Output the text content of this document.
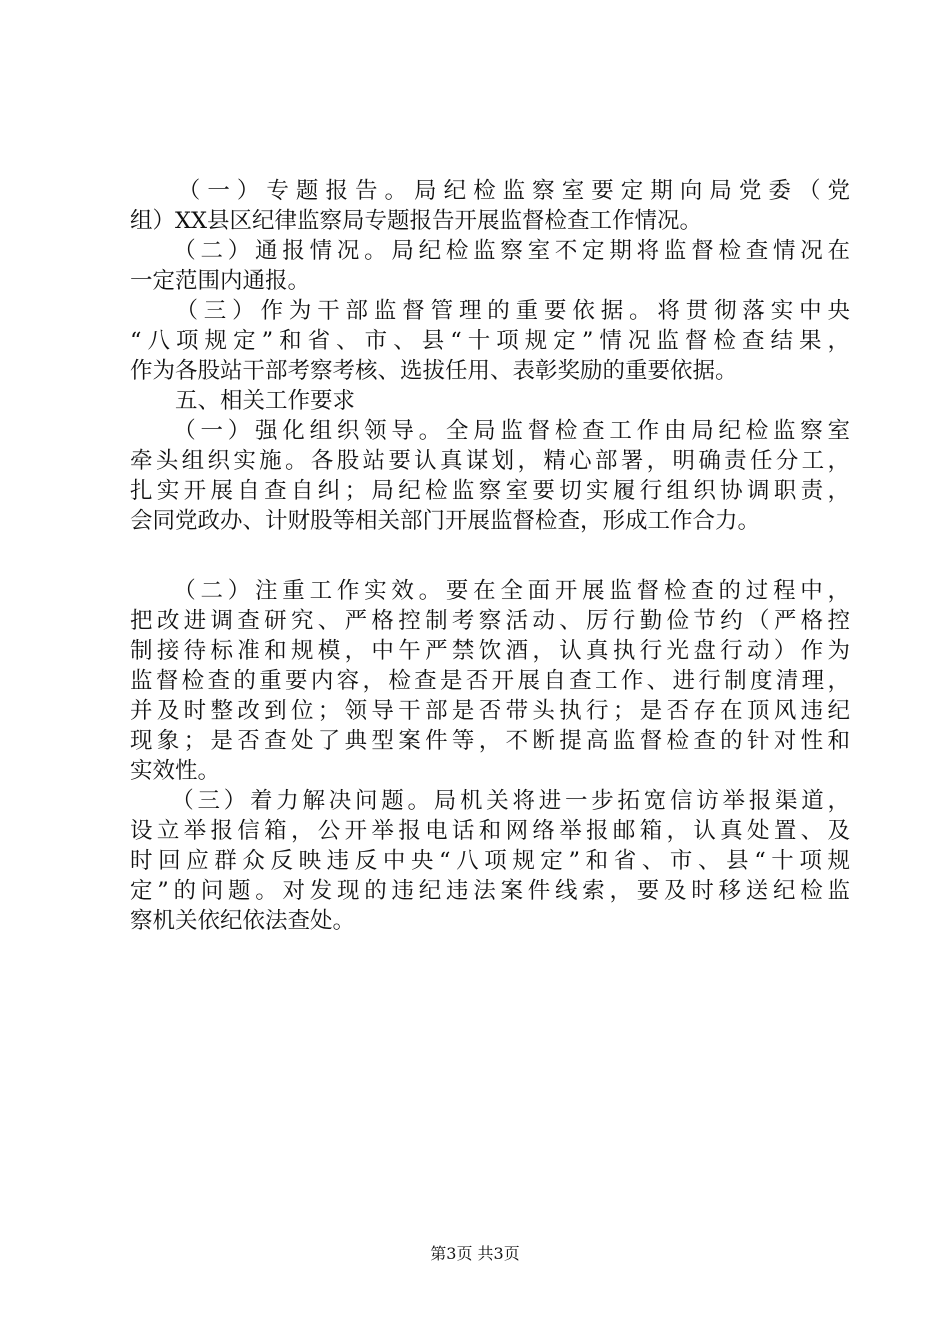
　　（一）专题报告。局纪检监察室要定期向局党委（党
组）XX县区纪律监察局专题报告开展监督检查工作情况。
　　（二）通报情况。局纪检监察室不定期将监督检查情况在
一定范围内通报。
　　（三）作为干部监督管理的重要依据。将贯彻落实中央
“八项规定”和省、市、县“十项规定”情况监督检查结果，
作为各股站干部考察考核、选拔任用、表彰奖励的重要依据。
　　五、相关工作要求
　　（一）强化组织领导。全局监督检查工作由局纪检监察室
牵头组织实施。各股站要认真谋划，精心部署，明确责任分工，
扎实开展自查自纠；局纪检监察室要切实履行组织协调职责，
会同党政办、计财股等相关部门开展监督检查，形成工作合力。
　　（二）注重工作实效。要在全面开展监督检查的过程中，
把改进调查研究、严格控制考察活动、厉行勤俭节约（严格控
制接待标准和规模，中午严禁饮酒，认真执行光盘行动）作为
监督检查的重要内容，检查是否开展自查工作、进行制度清理，
并及时整改到位；领导干部是否带头执行；是否存在顶风违纪
现象；是否查处了典型案件等，不断提高监督检查的针对性和
实效性。
　　（三）着力解决问题。局机关将进一步拓宽信访举报渠道，
设立举报信箱，公开举报电话和网络举报邮箱，认真处置、及
时回应群众反映违反中央“八项规定”和省、市、县“十项规
定”的问题。对发现的违纪违法案件线索，要及时移送纪检监
察机关依纪依法查处。
第3页 共3页
